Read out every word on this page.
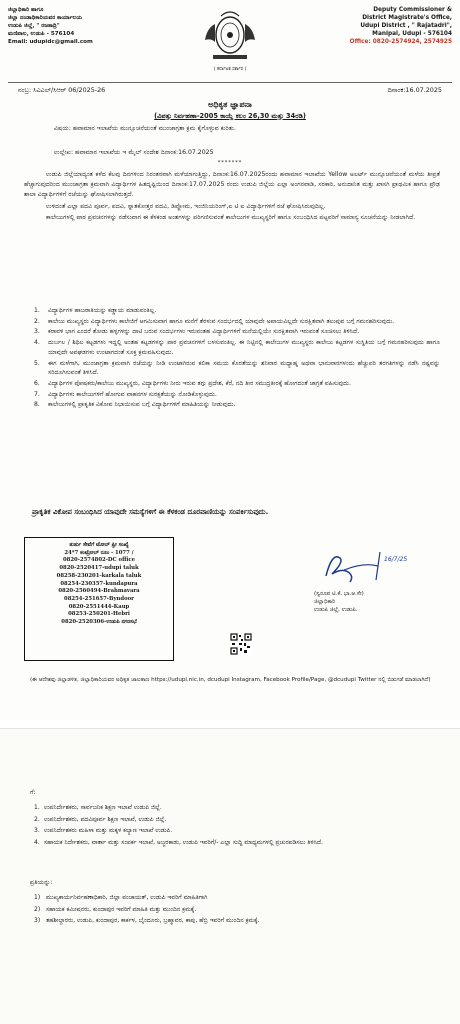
ಜಿಲ್ಲಾಧಿಕಾರಿ ಹಾಗೂ
ಜಿಲ್ಲಾ ದಂಡಾಧಿಕಾರಿಯವರ ಕಾರ್ಯಾಲಯ
ಉಡುಪಿ ಜಿಲ್ಲೆ, " ರಜತಾದ್ರಿ"
ಮಣಿಪಾಲ, ಉಡುಪಿ - 576104
Email: udupidc@gmail.com
( ಕರ್ನಾಟಕ ಸರ್ಕಾರ )
Deputy Commissioner &
District Magistrate's Office,
Udupi District , " Rajatadri",
Manipal, Udupi - 576104
Office: 0820-2574924, 2574925
ನಂಬ್ರ: ಸಿಎಎಲ್/ಸಿಆರ್ 06/2025-26	ದಿನಾಂಕ:16.07.2025
ಅಧಿಕೃತ ಜ್ಞಾಪನಾ
(ವಿಪತ್ತು ನಿರ್ವಹಣಾ-2005 ಕಾಯ್ದೆ ಕಲಂ 26,30 ಮತ್ತು 34ರಡಿ)
ವಿಷಯ: ಹವಾಮಾನ ಇಲಾಖೆಯ ಮುನ್ಸೂಚನೆಯಂತೆ ಮುಂಜಾಗ್ರತಾ ಕ್ರಮ ಕೈಗೊಳ್ಳುವ ಕುರಿತು.
ಉಲ್ಲೇಖ: ಹವಾಮಾನ ಇಲಾಖೆಯ ಇ ಮೈಲ್ ಸಂದೇಶ ದಿನಾಂಕ:16.07.2025
*******

ಉಡುಪಿ ಜಿಲ್ಲೆಯಾದ್ಯಂತ ಕಳೆದ ಕೆಲವು ದಿನಗಳಿಂದ ನಿರಂತರವಾಗಿ ಮಳೆಯಾಗುತ್ತಿದ್ದು, ದಿನಾಂಕ:16.07.2025ರಂದು ಹವಾಮಾನ ಇಲಾಖೆಯ Yellow ಅಲರ್ಟ್ ಮುನ್ಸೂಚನೆಯಂತೆ ಮಳೆಯ ತೀವ್ರತೆ ಹೆಚ್ಚಾಗುವುದರಿಂದ ಮುಂಜಾಗ್ರತಾ ಕ್ರಮವಾಗಿ ವಿದ್ಯಾರ್ಥಿಗಳ ಹಿತದೃಷ್ಟಿಯಿಂದ ದಿನಾಂಕ:17.07.2025 ರಂದು ಉಡುಪಿ ಜಿಲ್ಲೆಯ ಎಲ್ಲಾ ಅಂಗನವಾಡಿ, ಸರಕಾರಿ, ಅನುದಾನಿತ ಮತ್ತು ಖಾಸಗಿ ಪ್ರಾಥಮಿಕ ಹಾಗೂ ಪ್ರೌಢ ಶಾಲಾ ವಿದ್ಯಾರ್ಥಿಗಳಿಗೆ ರಜೆಯನ್ನು ಘೋಷಿಸಲಾಗಿರುತ್ತದೆ.

ಉಳಿದಂತೆ ಎಲ್ಲಾ ಪದವಿ ಪೂರ್ವ, ಪದವಿ, ಸ್ನಾತಕೋತ್ತರ ಪದವಿ, ಡಿಪ್ಲೋಮ, ಇಂಜಿನಿಯರಿಂಗ್,ಐ ಟಿ ಐ ವಿದ್ಯಾರ್ಥಿಗಳಿಗೆ ರಜೆ ಘೋಷಿಸಿರುವುದಿಲ್ಲ.

ಕಾಲೇಜುಗಳಲ್ಲಿ ಪಾಠ ಪ್ರವಚನಗಳನ್ನು ನಡೆಸುವಾಗ ಈ ಕೆಳಕಂಡ ಅಂಶಗಳನ್ನು ಪರಿಗಣಿಸುವಂತೆ ಕಾಲೇಜುಗಳ ಮುಖ್ಯಸ್ಥರಿಗೆ ಹಾಗೂ ಸಂಬಂಧಿಸಿದ ಪಟ್ಟವರಿಗೆ ಸಾಮಾನ್ಯ ಸೂಚನೆಯನ್ನು ನೀಡಲಾಗಿದೆ.

1. ವಿದ್ಯಾರ್ಥಿಗಳ ಹಾಜರಾತಿಯನ್ನು ಕಡ್ಡಾಯ ಮಾಡುವಂತಿಲ್ಲ.
2. ಕಾಲೇಜು ಮುಖ್ಯಸ್ಥರು ವಿದ್ಯಾರ್ಥಿಗಳು ಕಾಲೇಜಿಗೆ ಆಗಮಿಸುವಾಗ ಹಾಗೂ ಮನೆಗೆ ತೆರಳುವ ಸಂದರ್ಭದಲ್ಲಿ ಯಾವುದೇ ಅಪಾಯವಿಲ್ಲದೇ ಸುರಕ್ಷಿತವಾಗಿ ತಲುಪುವ ಬಗ್ಗೆ ಗಮನಹರಿಸುವುದು.
3. ಕರಾವಳಿ ಭಾಗ ಎಂದರೆ ತೋಡು ಹಳ್ಳಗಳನ್ನು ದಾಟಿ ಬರುವ ಸಂದರ್ಭಗಳು ಇರುವಂತಹ ವಿದ್ಯಾರ್ಥಿಗಳಿಗೆ ಮನೆಯಲ್ಲಿಯೇ ಸುರಕ್ಷಿತವಾಗಿ ಇರುವಂತೆ ಸೂಚಿಸಲು ತಿಳಿಸಿದೆ.
4. ದುರ್ಬಲ / ಶಿಥಿಲ ಕಟ್ಟಡಗಳು ಇದ್ದಲ್ಲಿ ಅಂತಹ ಕಟ್ಟಡಗಳನ್ನು ಪಾಠ ಪ್ರವಚನಗಳಿಗೆ ಬಳಸುವಂತಿಲ್ಲ. ಈ ನಿಟ್ಟಿನಲ್ಲಿ ಕಾಲೇಜುಗಳ ಮುಖ್ಯಸ್ಥರು ಕಾಲೇಜು ಕಟ್ಟಡಗಳ ಸುಸ್ಥಿತಿಯ ಬಗ್ಗೆ ಗಮನಹರಿಸುವುದು ಹಾಗೂ ಯಾವುದೇ ಅವಘಡಗಳು ಉಂಟಾಗದಂತೆ ಸೂಕ್ತ ಕ್ರಮವಹಿಸುವುದು.
5. ಈಗ ಮಳೆಗಾಗಿ, ಮುಂಜಾಗ್ರತಾ ಕ್ರಮವಾಗಿ ರಜೆಯನ್ನು ನೀಡಿ ಉಂಟಾಗಿರುವ ಕಲಿಕಾ ಸಮಯ ಕೊರತೆಯನ್ನು ಶನಿವಾರ ಮಧ್ಯಾಹ್ನ ಅಥವಾ ಭಾನುವಾರಗಳಂದು ಹೆಚ್ಚುವರಿ ತರಗತಿಗಳನ್ನು ನಡೆಸಿ ನಷ್ಟವನ್ನು ಸರಿದೂಗಿಸುವಂತೆ ತಿಳಿಸಿದೆ.
6. ವಿದ್ಯಾರ್ಥಿಗಳ ಪೋಷಕರು/ಕಾಲೇಜು ಮುಖ್ಯಸ್ಥರು, ವಿದ್ಯಾರ್ಥಿಗಳು ನೀರು ಇರುವ ತಗ್ಗು ಪ್ರದೇಶ, ಕೆರೆ, ನದಿ ತೀರ ಸಮುದ್ರತೀರಕ್ಕೆ ಹೋಗದಂತೆ ಜಾಗ್ರತೆ ವಹಿಸುವುದು.
7. ವಿದ್ಯಾರ್ಥಿಗಳು ಕಾಲೇಜುಗಳಿಗೆ ಹೋಗುವ ವಾಹನಗಳ ಸುರಕ್ಷತೆಯನ್ನು ನೋಡಿಕೊಳ್ಳುವುದು.
8. ಕಾಲೇಜುಗಳಲ್ಲಿ ಪ್ರಾಕೃತಿಕ ವಿಕೋಪ ನಿಭಾಯಿಸುವ ಬಗ್ಗೆ ವಿದ್ಯಾರ್ಥಿಗಳಿಗೆ ಮಾಹಿತಿಯನ್ನು ನೀಡುವುದು.
ಪ್ರಾಕೃತಿಕ ವಿಕೋಪ ಸಂಬಂಧಿಸಿದ ಯಾವುದೇ ಸಮಸ್ಯೆಗಳಿಗೆ ಈ ಕೆಳಕಂಡ ದೂರವಾಣಿಯನ್ನು ಸಂಪರ್ಕಿಸುವುದು.
ತುರ್ತು ಸೇವೆಗೆ ಟೋಲ್ ಫ್ರೀ ಸಂಖ್ಯೆ
24*7 ಕಂಟ್ರೋಲ್ ರೂಂ - 1077 /
0820-2574802-DC office
0820-2520417-udupi taluk
08258-230201-karkala taluk
08254-230357-kundapura
0820-2560494-Brahmavara
08254-251657-Byndoor
0820-2551444-Kaup
08253-250201-Hebri
0820-2520306-ಉಡುಪಿ ನಗರಸಭೆ
16/7/25
(ಸ್ವರೂಪ ಟಿ.ಕೆ. ಭಾ.ಆ.ಸೇ)
ಜಿಲ್ಲಾಧಿಕಾರಿ
ಉಡುಪಿ ಜಿಲ್ಲೆ, ಉಡುಪಿ.
(ಈ ಆದೇಶವು ಜಿಲ್ಲಾಡಳಿತ, ಜಿಲ್ಲಾಧಿಕಾರಿಯವರ ಅಧಿಕೃತ ಜಾಲತಾಣ https://udupi.nic.in, dcudupi Instagram, Facebook Profile/Page, @dcudupi Twitter ನಲ್ಲಿ ಬಿಡುಗಡೆ ಮಾಡಲಾಗಿದೆ)
ಗೆ:
1. ಉಪನಿರ್ದೇಶಕರು, ಸಾರ್ವಜನಿಕ ಶಿಕ್ಷಣ ಇಲಾಖೆ ಉಡುಪಿ ಜಿಲ್ಲೆ.
2. ಉಪನಿರ್ದೇಶಕರು, ಪದವಿಪೂರ್ವ ಶಿಕ್ಷಣ ಇಲಾಖೆ, ಉಡುಪಿ ಜಿಲ್ಲೆ.
3. ಉಪನಿರ್ದೇಶಕರು ಮಹಿಳಾ ಮತ್ತು ಮಕ್ಕಳ ಕಲ್ಯಾಣ ಇಲಾಖೆ ಉಡುಪಿ.
4. ಸಹಾಯಕ ನಿರ್ದೇಶಕರು, ವಾರ್ತಾ ಮತ್ತು ಸಂಪರ್ಕ ಇಲಾಖೆ, ಅಜ್ಜರಕಾಡು, ಉಡುಪಿ ಇವರಿಗೆ/- ಎಲ್ಲಾ ಸುದ್ದಿ ಮಾಧ್ಯಮಗಳಲ್ಲಿ ಪ್ರಚುರಪಡಿಸಲು ತಿಳಿಸಿದೆ.
ಪ್ರತಿಯನ್ನು:
1) ಮುಖ್ಯಕಾರ್ಯನಿರ್ವಹಣಾಧಿಕಾರಿ, ಜಿಲ್ಲಾ ಪಂಚಾಯತ್, ಉಡುಪಿ ಇವರಿಗೆ ಮಾಹಿತಿಗಾಗಿ
2) ಸಹಾಯಕ ಕಮೀಷನರು, ಕುಂದಾಪುರ ಇವರಿಗೆ ಮಾಹಿತಿ ಮತ್ತು ಮುಂದಿನ ಕ್ರಮಕ್ಕೆ.
3) ತಹಶೀಲ್ದಾರರು, ಉಡುಪಿ, ಕುಂದಾಪುರ, ಕಾರ್ಕಳ, ಬೈಂದೂರು, ಬ್ರಹ್ಮಾವರ, ಕಾಪು, ಹೆಬ್ರಿ ಇವರಿಗೆ ಮುಂದಿನ ಕ್ರಮಕ್ಕೆ.
